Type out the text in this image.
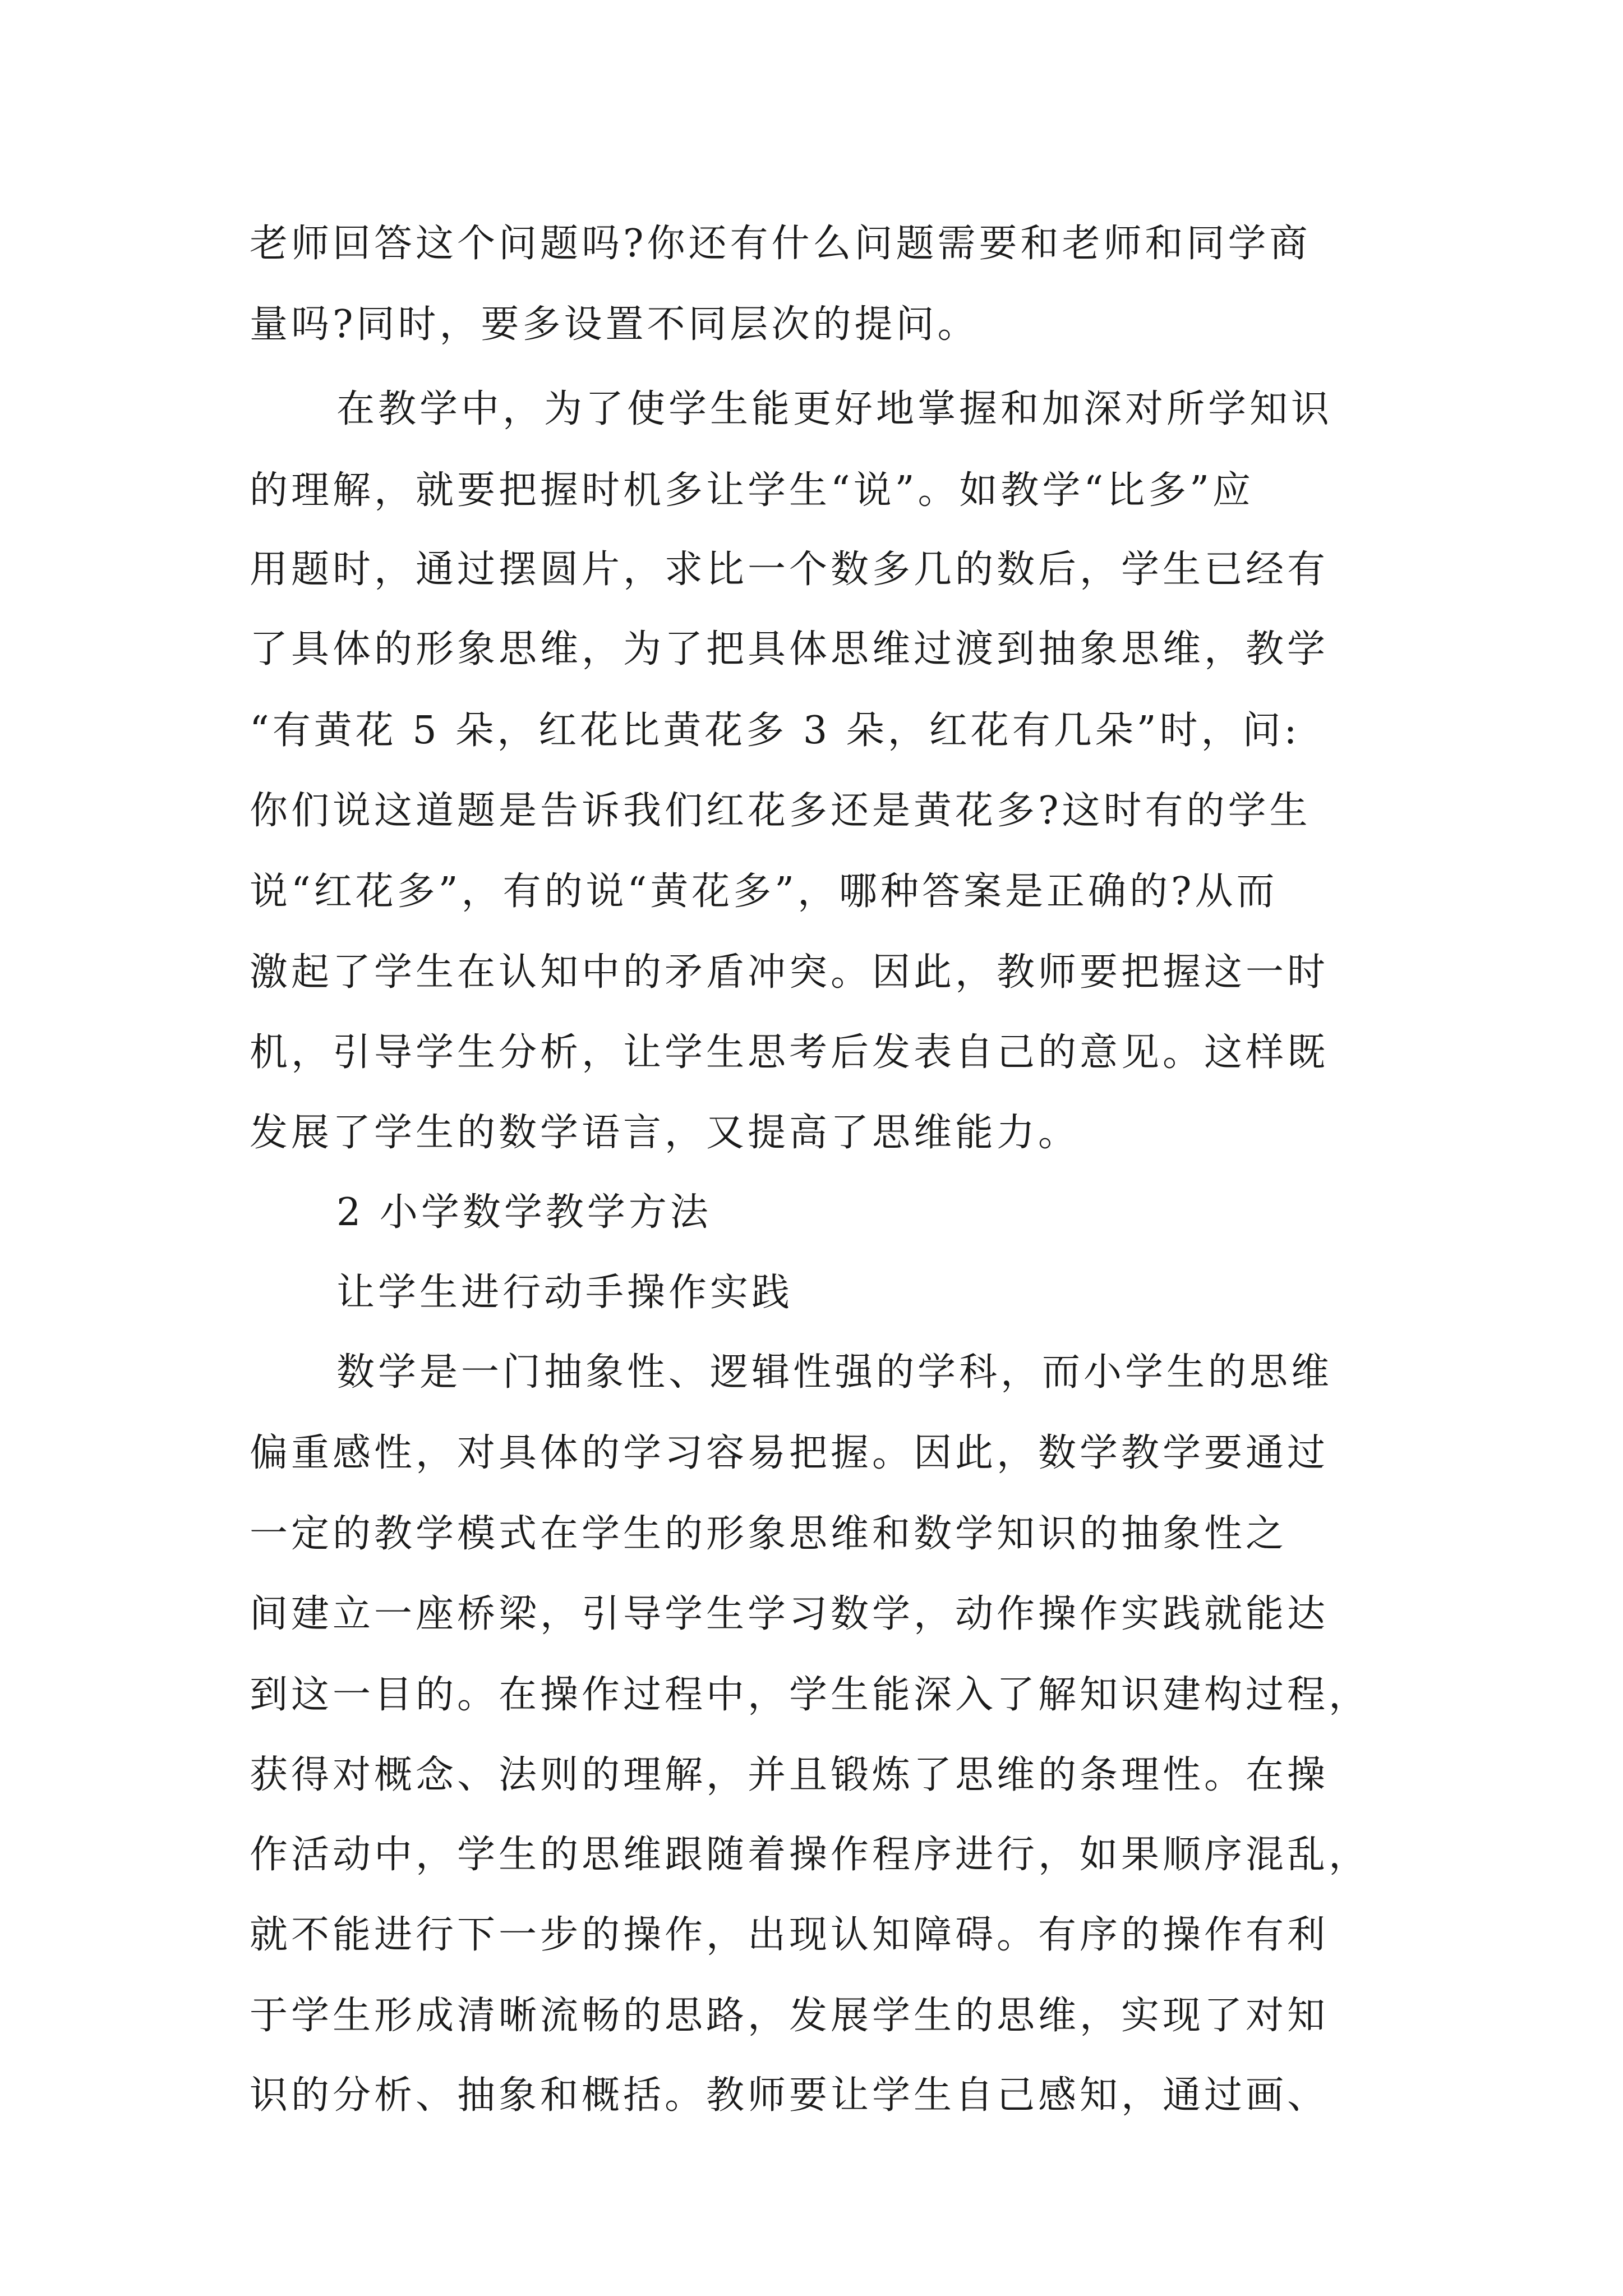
老师回答这个问题吗?你还有什么问题需要和老师和同学商
量吗?同时，要多设置不同层次的提问。
在教学中，为了使学生能更好地掌握和加深对所学知识
的理解，就要把握时机多让学生“说”。如教学“比多”应
用题时，通过摆圆片，求比一个数多几的数后，学生已经有
了具体的形象思维，为了把具体思维过渡到抽象思维，教学
“有黄花 5 朵，红花比黄花多 3 朵，红花有几朵”时，问:
你们说这道题是告诉我们红花多还是黄花多?这时有的学生
说“红花多”，有的说“黄花多”，哪种答案是正确的?从而
激起了学生在认知中的矛盾冲突。因此，教师要把握这一时
机，引导学生分析，让学生思考后发表自己的意见。这样既
发展了学生的数学语言，又提高了思维能力。
2 小学数学教学方法
让学生进行动手操作实践
数学是一门抽象性、逻辑性强的学科，而小学生的思维
偏重感性，对具体的学习容易把握。因此，数学教学要通过
一定的教学模式在学生的形象思维和数学知识的抽象性之
间建立一座桥梁，引导学生学习数学，动作操作实践就能达
到这一目的。在操作过程中，学生能深入了解知识建构过程，
获得对概念、法则的理解，并且锻炼了思维的条理性。在操
作活动中，学生的思维跟随着操作程序进行，如果顺序混乱，
就不能进行下一步的操作，出现认知障碍。有序的操作有利
于学生形成清晰流畅的思路，发展学生的思维，实现了对知
识的分析、抽象和概括。教师要让学生自己感知，通过画、
